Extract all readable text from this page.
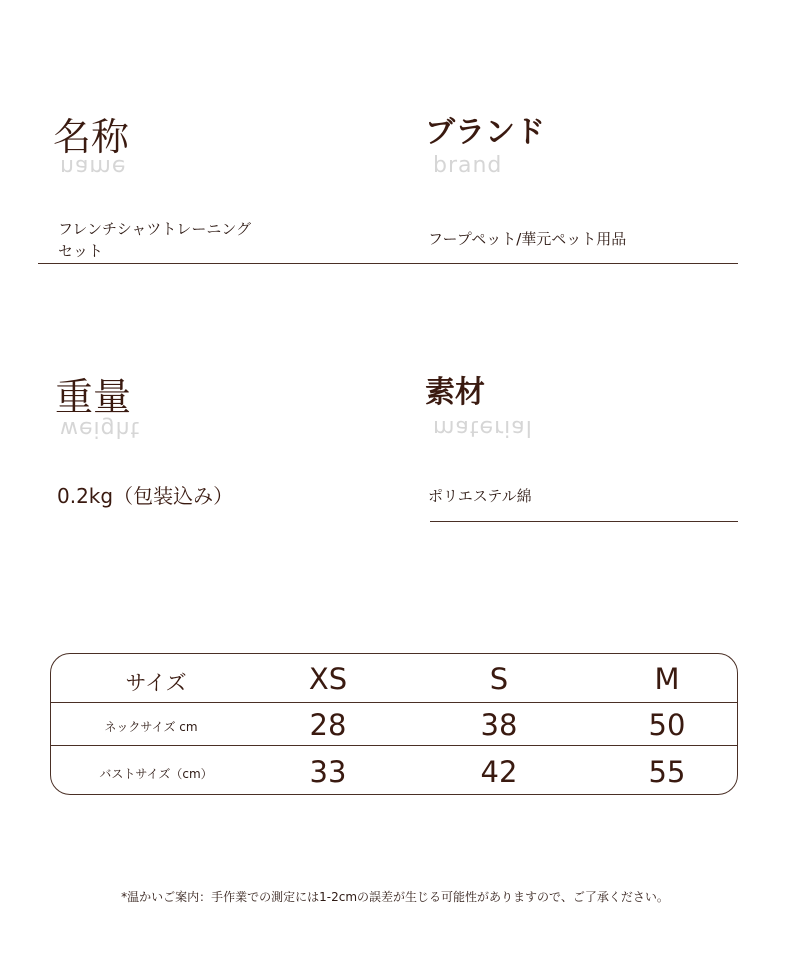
名称
name
フレンチシャツトレーニング
セット
ブランド
brand
フープペット/華元ペット用品
重量
weight
0.2kg（包装込み）
素材
material
ポリエステル綿
サイズ	XS	S	M
ネックサイズ cm	28	38	50
バストサイズ（cm）	33	42	55
*温かいご案内：手作業での測定には1-2cmの誤差が生じる可能性がありますので、ご了承ください。
